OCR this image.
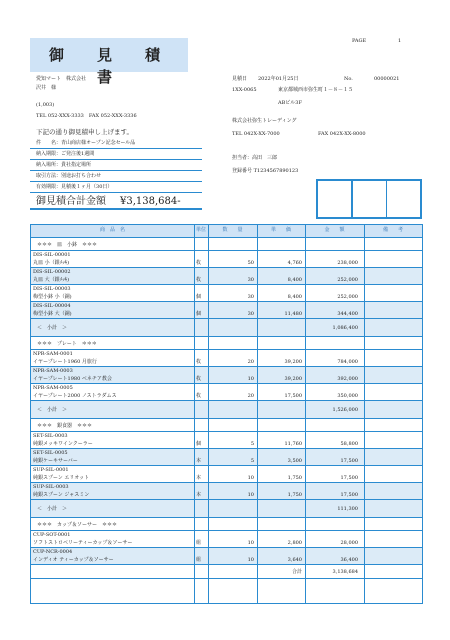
御　見　積　書
PAGE	1
愛知マート　株式会社
沢井　様
(1,003)
TEL 052-XXX-3333　FAX 052-XXX-3336
下記の通り御見積申し上げます。
件　　名：青山商店様オープン記念セール品
納入期限：ご発注後1週間
納入場所：貴社指定場所
取引方法：別途お打ち合わせ
有効期限：見積後１ヶ月（30日）
御見積合計金額 ¥3,138,684-
見積日 2022年01月25日	No.	00000021
1XX-0065	東京都城西市弥生町１－８－１５
ABビル3F
株式会社弥生トレーディング
TEL 042X-XX-7000	FAX 042X-XX-8000
担当者：高田　三郎
登録番号 T1234567890123
商　品　名	単位	数　　量	単　　価	金　　額	備　　考
＊＊＊　皿　小鉢　＊＊＊
DIS-SIL-00001
丸皿 小（銀ﾒｯｷ)	枚	50	4,760	238,000
DIS-SIL-00002
丸皿 大（銀ﾒｯｷ)	枚	30	8,400	252,000
DIS-SIL-00003
梅型小鉢 小（銅)	個	30	8,400	252,000
DIS-SIL-00004
梅型小鉢 大（銅)	個	30	11,480	344,400
＜　小計　＞	1,086,400
＊＊＊　プレート　＊＊＊
NPR-SAM-0001
イヤープレート1960 月旅行	枚	20	39,200	784,000
NPR-SAM-0003
イヤープレート1980 ベネチア教会	枚	10	39,200	392,000
NPR-SAM-0005
イヤープレート2000 ノストラダムス	枚	20	17,500	350,000
＜　小計　＞	1,526,000
＊＊＊　銀食器　＊＊＊
SET-SIL-0003
純銀メッキワインクーラー	個	5	11,760	58,800
SET-SIL-0005
純銀ケーキサーバー	本	5	3,500	17,500
SUP-SIL-0001
純銀スプーン エリオット	本	10	1,750	17,500
SUP-SIL-0003
純銀スプーン ジャスミン	本	10	1,750	17,500
＜　小計　＞	111,300
＊＊＊　カップ＆ソーサー　＊＊＊
CUP-SOT-0001
ソフトストロベリーティーカップ＆ソーサー	組	10	2,800	28,000
CUP-NCR-0004
インディオ ティーカップ＆ソーサー	組	10	3,640	36,400
合計	3,138,684
